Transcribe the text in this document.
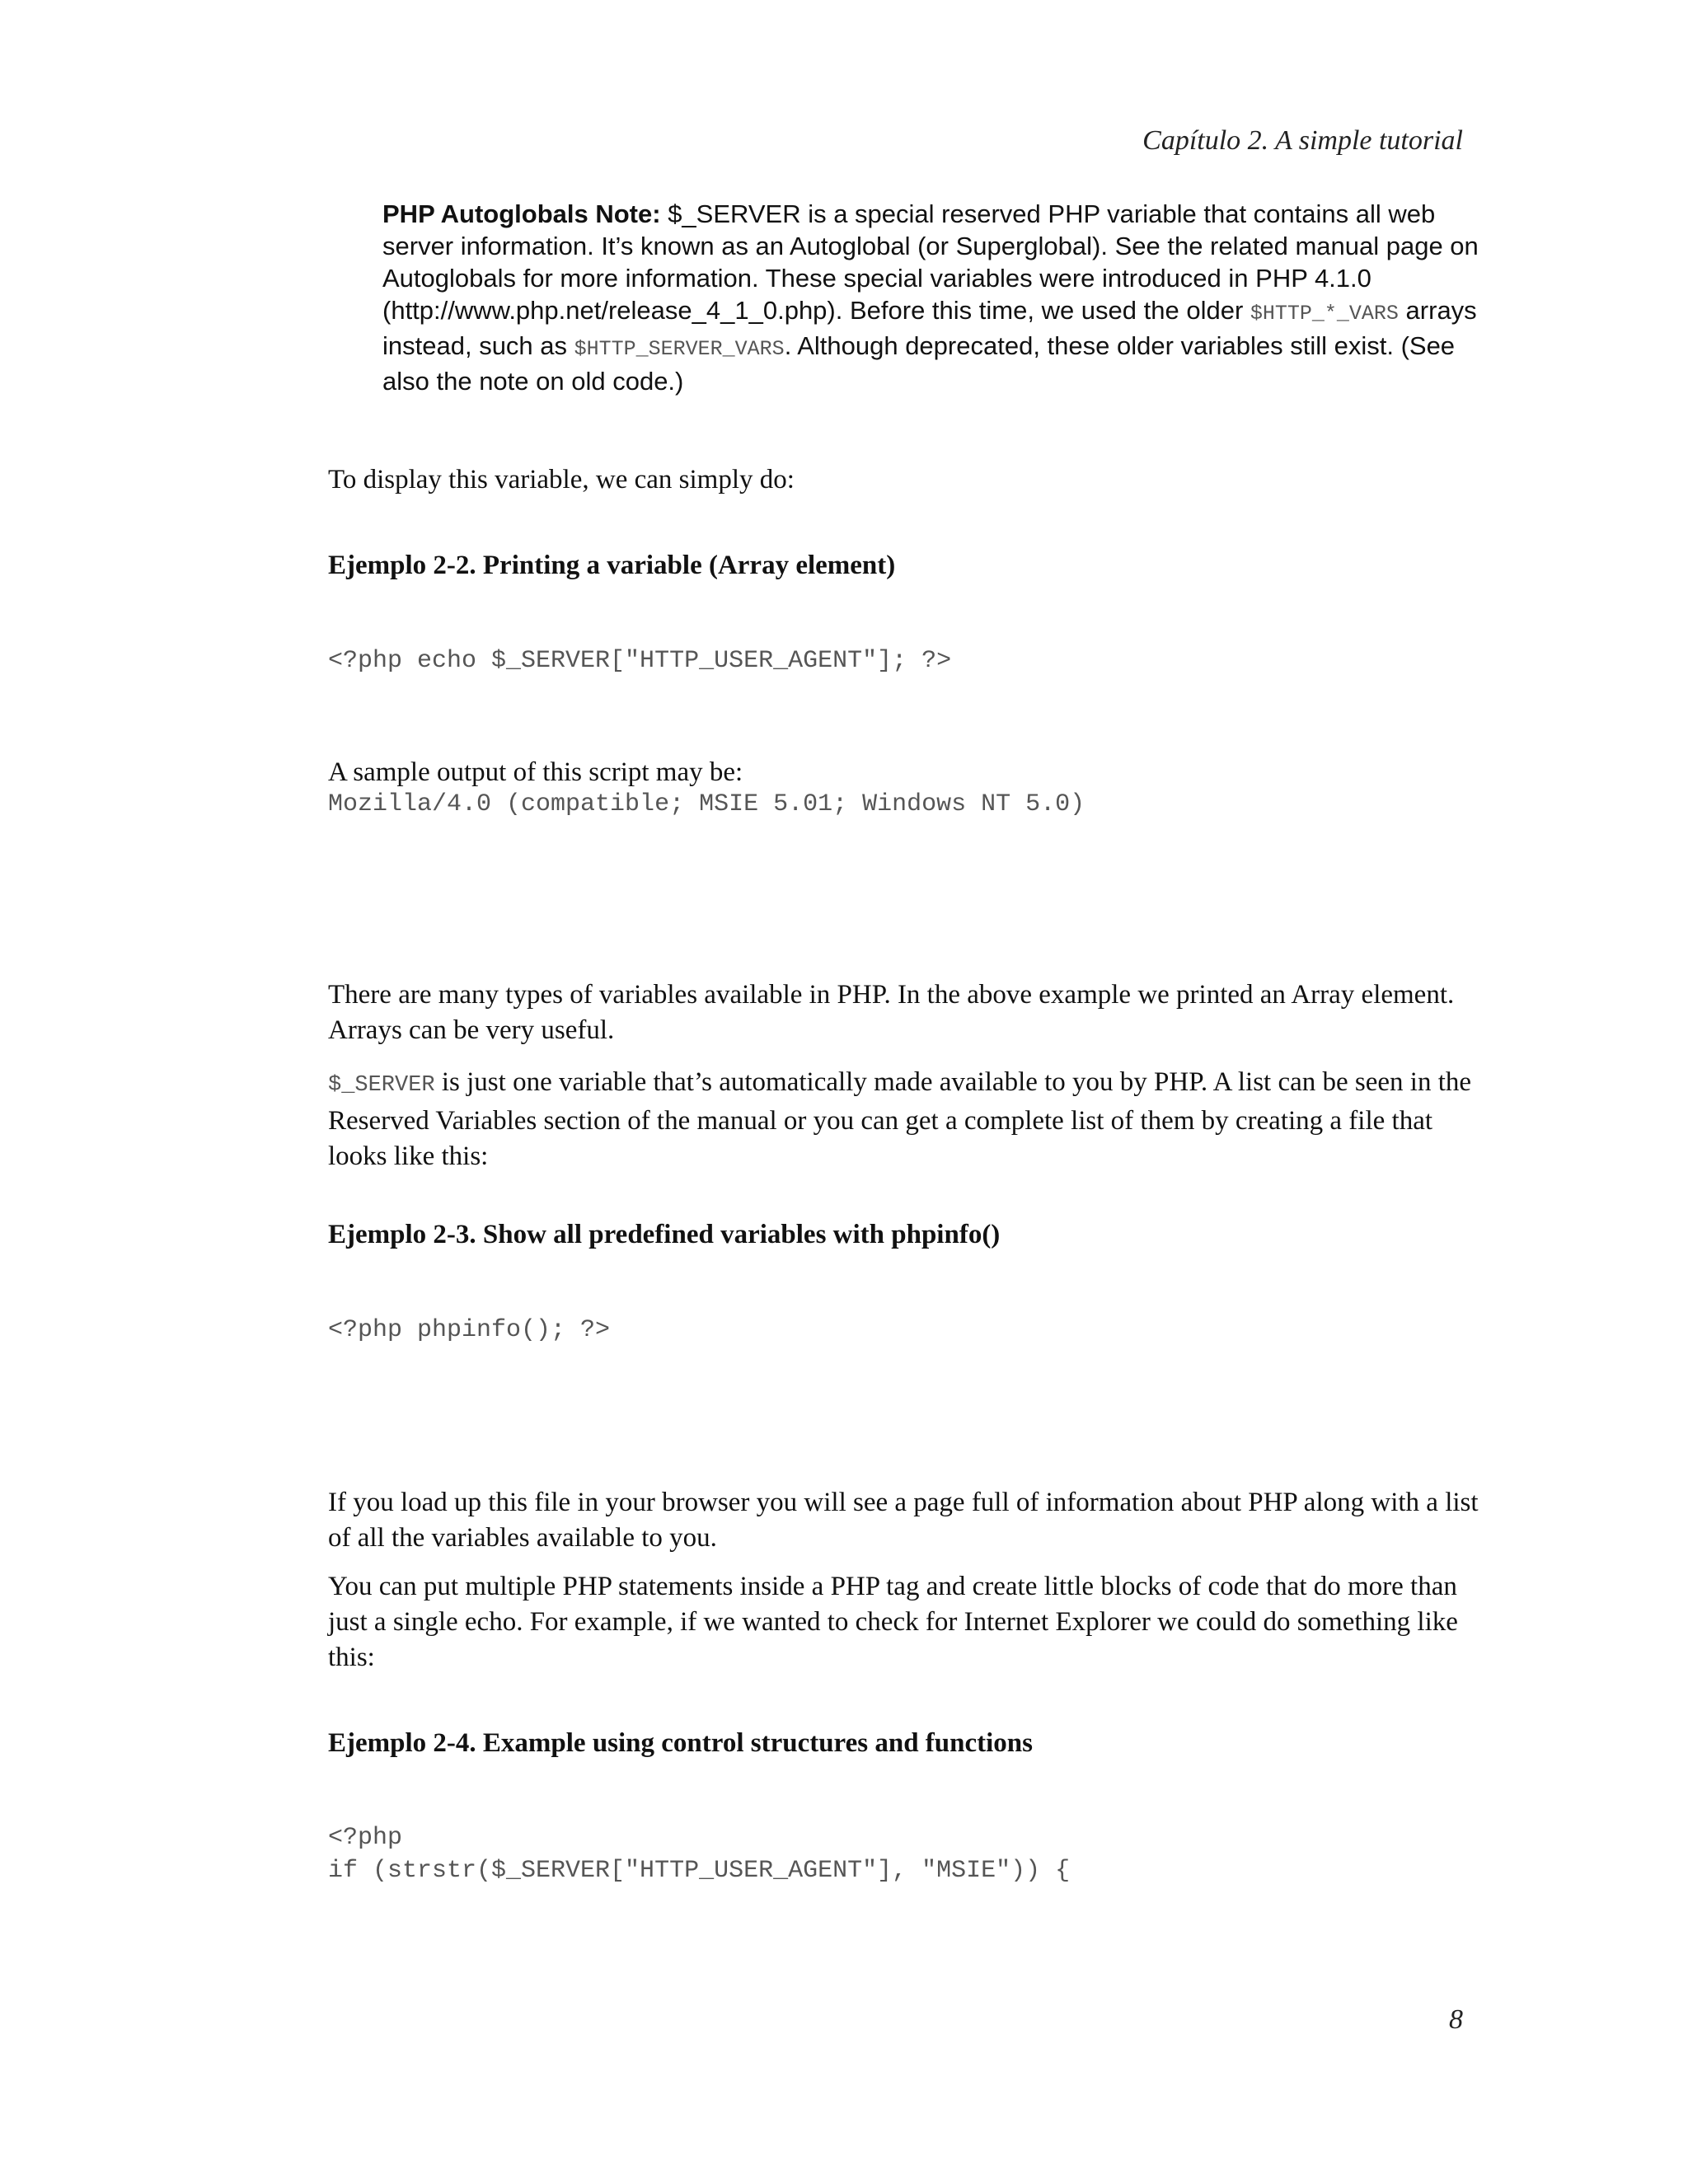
Capítulo 2. A simple tutorial
PHP Autoglobals Note: $_SERVER is a special reserved PHP variable that contains all web server information. It’s known as an Autoglobal (or Superglobal). See the related manual page on Autoglobals for more information. These special variables were introduced in PHP 4.1.0 (http://www.php.net/release_4_1_0.php). Before this time, we used the older $HTTP_*_VARS arrays instead, such as $HTTP_SERVER_VARS. Although deprecated, these older variables still exist. (See also the note on old code.)
To display this variable, we can simply do:
Ejemplo 2-2. Printing a variable (Array element)
<?php echo $_SERVER["HTTP_USER_AGENT"]; ?>
A sample output of this script may be:
Mozilla/4.0 (compatible; MSIE 5.01; Windows NT 5.0)
There are many types of variables available in PHP. In the above example we printed an Array element. Arrays can be very useful.
$_SERVER is just one variable that’s automatically made available to you by PHP. A list can be seen in the Reserved Variables section of the manual or you can get a complete list of them by creating a file that looks like this:
Ejemplo 2-3. Show all predefined variables with phpinfo()
<?php phpinfo(); ?>
If you load up this file in your browser you will see a page full of information about PHP along with a list of all the variables available to you.
You can put multiple PHP statements inside a PHP tag and create little blocks of code that do more than just a single echo. For example, if we wanted to check for Internet Explorer we could do something like this:
Ejemplo 2-4. Example using control structures and functions
<?php
if (strstr($_SERVER["HTTP_USER_AGENT"], "MSIE")) {
8
